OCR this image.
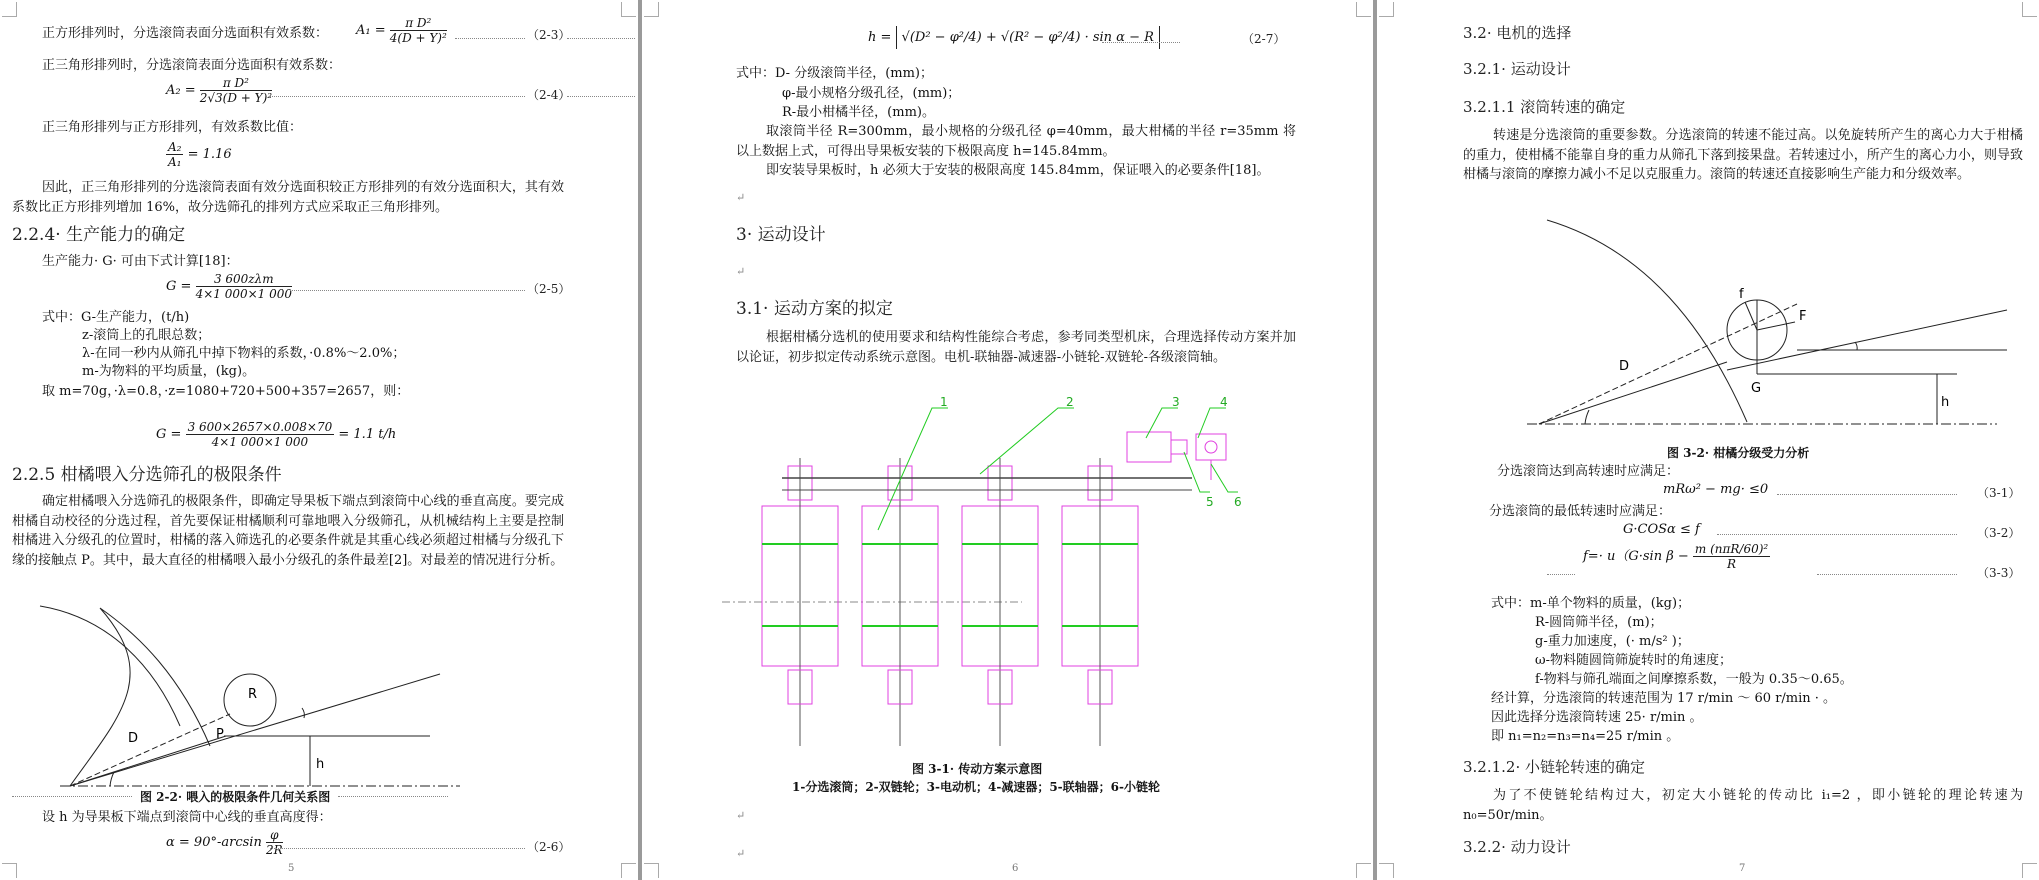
正方形排列时，分选滚筒表面分选面积有效系数： $A_1 = \frac{\text{π D²}}{\text{4(D + Y)²}}$	（2-3）
正三角形排列时，分选滚筒表面分选面积有效系数：
$A_2 = \frac{\text{π D²}}{\text{2√3(D + Y)²}}$	（2-4）
正三角形排列与正方形排列，有效系数比值：
$\frac{\text{A₂}}{\text{A₁}} = 1.16$
因此，正三角形排列的分选滚筒表面有效分选面积较正方形排列的有效分选面积大，其有效系数比正方形排列增加 16%，故分选筛孔的排列方式应采取正三角形排列。
2.2.4· 生产能力的确定
生产能力· G· 可由下式计算[18]：
$G = \frac{\text{3 600zλm}}{4\times 1 000\times 1 000}$	（2-5）
式中：G-生产能力，(t/h)
z-滚筒上的孔眼总数；
λ-在同一秒内从筛孔中掉下物料的系数，·0.8%～2.0%；
m-为物料的平均质量，(kg)。
取 m=70g，·λ=0.8，·z=1080+720+500+357=2657，则：
$G = \frac{3 600\times 2657\times 0.008\times 70}{4\times 1 000\times 1 000} = 1.1$ t/h
2.2.5 柑橘喂入分选筛孔的极限条件
确定柑橘喂入分选筛孔的极限条件，即确定导果板下端点到滚筒中心线的垂直高度。要完成柑橘自动校径的分选过程，首先要保证柑橘顺利可靠地喂入分级筛孔，从机械结构上主要是控制柑橘进入分级孔的位置时，柑橘的落入筛选孔的必要条件就是其重心线必须超过柑橘与分级孔下缘的接触点 P。其中，最大直径的柑橘喂入最小分级孔的条件最差[2]。对最差的情况进行分析。
R
D	P
h
图 2-2· 喂入的极限条件几何关系图
设 h 为导果板下端点到滚筒中心线的垂直高度得：
$\alpha = 90^\circ-\arcsin \frac{\varphi}{2R}$	（2-6）
5
h = √(D² − φ²/4) + √(R² − φ²/4) · sin α − R	（2-7）
式中：D- 分级滚筒半径，(mm)；
φ-最小规格分级孔径，(mm)；
R-最小柑橘半径，(mm)。
取滚筒半径 R=300mm，最小规格的分级孔径 φ=40mm，最大柑橘的半径 r=35mm 将以上数据上式，可得出导果板安装的下极限高度 h=145.84mm。
即安装导果板时，h 必须大于安装的极限高度 145.84mm，保证喂入的必要条件[18]。
↵
3· 运动设计
↵
3.1· 运动方案的拟定
根据柑橘分选机的使用要求和结构性能综合考虑，参考同类型机床，合理选择传动方案并加以论证，初步拟定传动系统示意图。电机-联轴器-减速器-小链轮-双链轮-各级滚筒轴。
1	2	3	4
5 6
图 3-1· 传动方案示意图
1-分选滚筒；2-双链轮；3-电动机；4-减速器；5-联轴器；6-小链轮
↵
↵
6
3.2· 电机的选择
3.2.1· 运动设计
3.2.1.1 滚筒转速的确定
转速是分选滚筒的重要参数。分选滚筒的转速不能过高。以免旋转所产生的离心力大于柑橘的重力，使柑橘不能靠自身的重力从筛孔下落到接果盘。若转速过小，所产生的离心力小，则导致柑橘与滚筒的摩擦力减小不足以克服重力。滚筒的转速还直接影响生产能力和分级效率。
f
F
D
G
h
图 3-2· 柑橘分级受力分析
分选滚筒达到高转速时应满足：
mRω² − mg· ≤0	（3-1）
分选滚筒的最低转速时应满足：
G·COSα ≤ f	（3-2）
f=· u（G·sin $\beta - \frac{\text{m (nπR/60)²}}{R}$
（3-3）
式中：m-单个物料的质量，(kg)；
R-圆筒筛半径，(m)；
g-重力加速度，(· m/s² )；
ω-物料随圆筒筛旋转时的角速度；
f-物料与筛孔端面之间摩擦系数，一般为 0.35～0.65。
经计算，分选滚筒的转速范围为 17 r/min ～ 60 r/min · 。
因此选择分选滚筒转速 25· r/min 。
即 n₁=n₂=n₃=n₄=25 r/min 。
3.2.1.2· 小链轮转速的确定
为了不使链轮结构过大，初定大小链轮的传动比 i₁=2 ，即小链轮的理论转速为 n₀=50r/min。
3.2.2· 动力设计
7
